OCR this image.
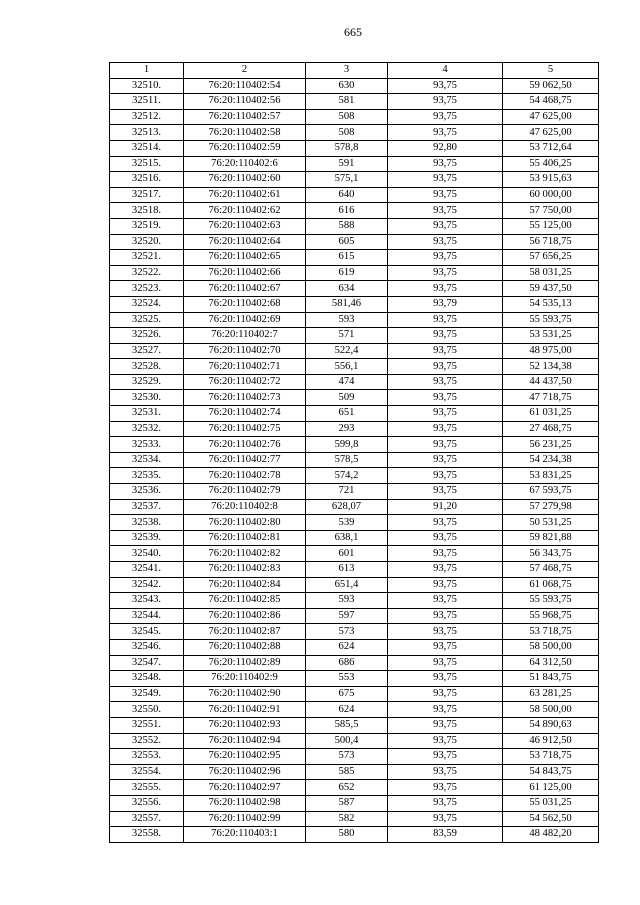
665
1	2	3	4	5
32510.	76:20:110402:54	630	93,75	59 062,50
32511.	76:20:110402:56	581	93,75	54 468,75
32512.	76:20:110402:57	508	93,75	47 625,00
32513.	76:20:110402:58	508	93,75	47 625,00
32514.	76:20:110402:59	578,8	92,80	53 712,64
32515.	76:20:110402:6	591	93,75	55 406,25
32516.	76:20:110402:60	575,1	93,75	53 915,63
32517.	76:20:110402:61	640	93,75	60 000,00
32518.	76:20:110402:62	616	93,75	57 750,00
32519.	76:20:110402:63	588	93,75	55 125,00
32520.	76:20:110402:64	605	93,75	56 718,75
32521.	76:20:110402:65	615	93,75	57 656,25
32522.	76:20:110402:66	619	93,75	58 031,25
32523.	76:20:110402:67	634	93,75	59 437,50
32524.	76:20:110402:68	581,46	93,79	54 535,13
32525.	76:20:110402:69	593	93,75	55 593,75
32526.	76:20:110402:7	571	93,75	53 531,25
32527.	76:20:110402:70	522,4	93,75	48 975,00
32528.	76:20:110402:71	556,1	93,75	52 134,38
32529.	76:20:110402:72	474	93,75	44 437,50
32530.	76:20:110402:73	509	93,75	47 718,75
32531.	76:20:110402:74	651	93,75	61 031,25
32532.	76:20:110402:75	293	93,75	27 468,75
32533.	76:20:110402:76	599,8	93,75	56 231,25
32534.	76:20:110402:77	578,5	93,75	54 234,38
32535.	76:20:110402:78	574,2	93,75	53 831,25
32536.	76:20:110402:79	721	93,75	67 593,75
32537.	76:20:110402:8	628,07	91,20	57 279,98
32538.	76:20:110402:80	539	93,75	50 531,25
32539.	76:20:110402:81	638,1	93,75	59 821,88
32540.	76:20:110402:82	601	93,75	56 343,75
32541.	76:20:110402:83	613	93,75	57 468,75
32542.	76:20:110402:84	651,4	93,75	61 068,75
32543.	76:20:110402:85	593	93,75	55 593,75
32544.	76:20:110402:86	597	93,75	55 968,75
32545.	76:20:110402:87	573	93,75	53 718,75
32546.	76:20:110402:88	624	93,75	58 500,00
32547.	76:20:110402:89	686	93,75	64 312,50
32548.	76:20:110402:9	553	93,75	51 843,75
32549.	76:20:110402:90	675	93,75	63 281,25
32550.	76:20:110402:91	624	93,75	58 500,00
32551.	76:20:110402:93	585,5	93,75	54 890,63
32552.	76:20:110402:94	500,4	93,75	46 912,50
32553.	76:20:110402:95	573	93,75	53 718,75
32554.	76:20:110402:96	585	93,75	54 843,75
32555.	76:20:110402:97	652	93,75	61 125,00
32556.	76:20:110402:98	587	93,75	55 031,25
32557.	76:20:110402:99	582	93,75	54 562,50
32558.	76:20:110403:1	580	83,59	48 482,20
